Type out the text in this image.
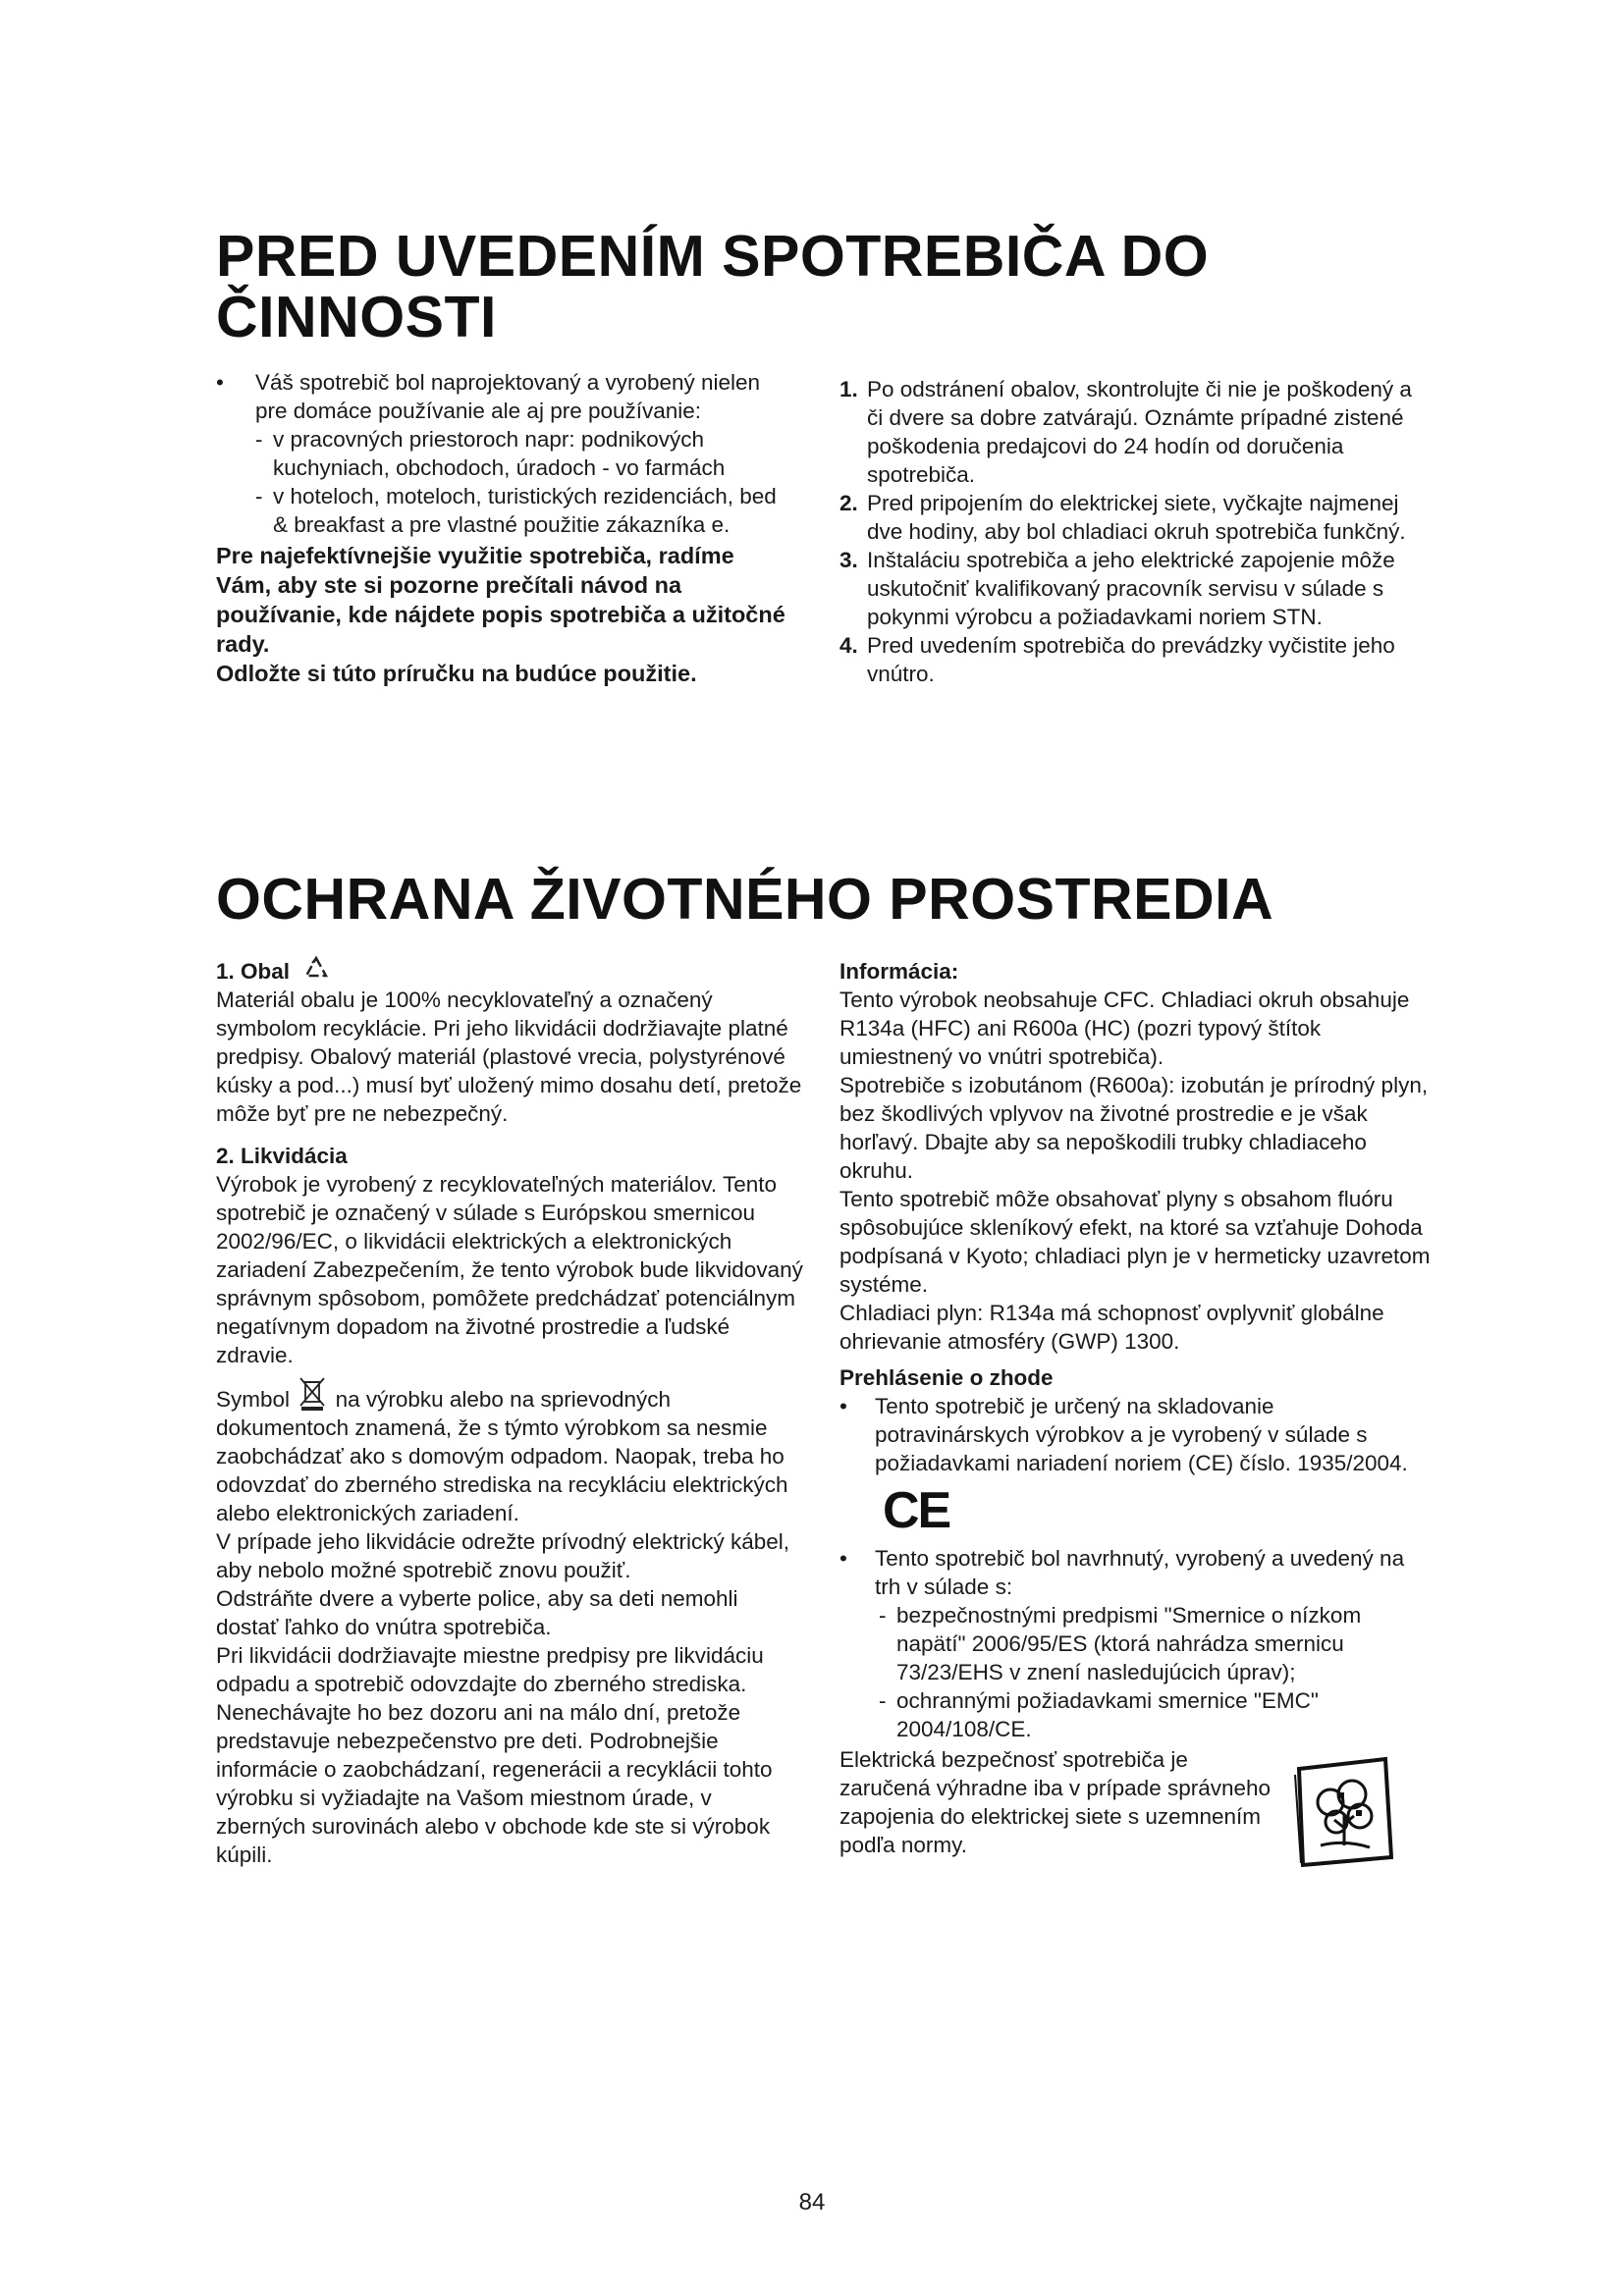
PRED UVEDENÍM SPOTREBIČA DO
ČINNOSTI
•	Váš spotrebič bol naprojektovaný a vyrobený nielen pre domáce používanie ale aj pre používanie:

- v pracovných priestoroch napr: podnikových kuchyniach, obchodoch, úradoch - vo farmách

- v hoteloch, moteloch, turistických rezidenciách, bed & breakfast a pre vlastné použitie zákazníka e.

Pre najefektívnejšie využitie spotrebiča, radíme Vám, aby ste si pozorne prečítali návod na používanie, kde nájdete popis spotrebiča a užitočné rady.

Odložte si túto príručku na budúce použitie.

1. Po odstránení obalov, skontrolujte či nie je poškodený a či dvere sa dobre zatvárajú. Oznámte prípadné zistené poškodenia predajcovi do 24 hodín od doručenia spotrebiča.

2. Pred pripojením do elektrickej siete, vyčkajte najmenej dve hodiny, aby bol chladiaci okruh spotrebiča funkčný.

3. Inštaláciu spotrebiča a jeho elektrické zapojenie môže uskutočniť kvalifikovaný pracovník servisu v súlade s pokynmi výrobcu a požiadavkami noriem STN.

4. Pred uvedením spotrebiča do prevádzky vyčistite jeho vnútro.

OCHRANA ŽIVOTNÉHO PROSTREDIA

1. Obal

Materiál obalu je 100% necyklovateľný a označený symbolom recyklácie. Pri jeho likvidácii dodržiavajte platné predpisy. Obalový materiál (plastové vrecia, polystyrénové kúsky a pod...) musí byť uložený mimo dosahu detí, pretože môže byť pre ne nebezpečný.

2. Likvidácia

Výrobok je vyrobený z recyklovateľných materiálov. Tento spotrebič je označený v súlade s Európskou smernicou 2002/96/EC, o likvidácii elektrických a elektronických zariadení Zabezpečením, že tento výrobok bude likvidovaný správnym spôsobom, pomôžete predchádzať potenciálnym negatívnym dopadom na životné prostredie a ľudské zdravie.

Symbol na výrobku alebo na sprievodných dokumentoch znamená, že s týmto výrobkom sa nesmie zaobchádzať ako s domovým odpadom. Naopak, treba ho odovzdať do zberného strediska na recykláciu elektrických alebo elektronických zariadení.

V prípade jeho likvidácie odrežte prívodný elektrický kábel, aby nebolo možné spotrebič znovu použiť.

Odstráňte dvere a vyberte police, aby sa deti nemohli dostať ľahko do vnútra spotrebiča.

Pri likvidácii dodržiavajte miestne predpisy pre likvidáciu odpadu a spotrebič odovzdajte do zberného strediska. Nenechávajte ho bez dozoru ani na málo dní, pretože predstavuje nebezpečenstvo pre deti. Podrobnejšie informácie o zaobchádzaní, regenerácii a recyklácii tohto výrobku si vyžiadajte na Vašom miestnom úrade, v zberných surovinách alebo v obchode kde ste si výrobok kúpili.

Informácia:

Tento výrobok neobsahuje CFC. Chladiaci okruh obsahuje R134a (HFC) ani R600a (HC) (pozri typový štítok umiestnený vo vnútri spotrebiča).

Spotrebiče s izobutánom (R600a): izobután je prírodný plyn, bez škodlivých vplyvov na životné prostredie e je však horľavý. Dbajte aby sa nepoškodili trubky chladiaceho okruhu.

Tento spotrebič môže obsahovať plyny s obsahom fluóru spôsobujúce skleníkový efekt, na ktoré sa vzťahuje Dohoda podpísaná v Kyoto; chladiaci plyn je v hermeticky uzavretom systéme.

Chladiaci plyn: R134a má schopnosť ovplyvniť globálne ohrievanie atmosféry (GWP) 1300.

Prehlásenie o zhode

•	Tento spotrebič je určený na skladovanie potravinárskych výrobkov a je vyrobený v súlade s požiadavkami nariadení noriem (CE) číslo. 1935/2004.

CE
•	Tento spotrebič bol navrhnutý, vyrobený a uvedený na trh v súlade s:

- bezpečnostnými predpismi "Smernice o nízkom napätí" 2006/95/ES (ktorá nahrádza smernicu 73/23/EHS v znení nasledujúcich úprav);

- ochrannými požiadavkami smernice "EMC" 2004/108/CE.

Elektrická bezpečnosť spotrebiča je zaručená výhradne iba v prípade správneho zapojenia do elektrickej siete s uzemnením podľa normy.

84
